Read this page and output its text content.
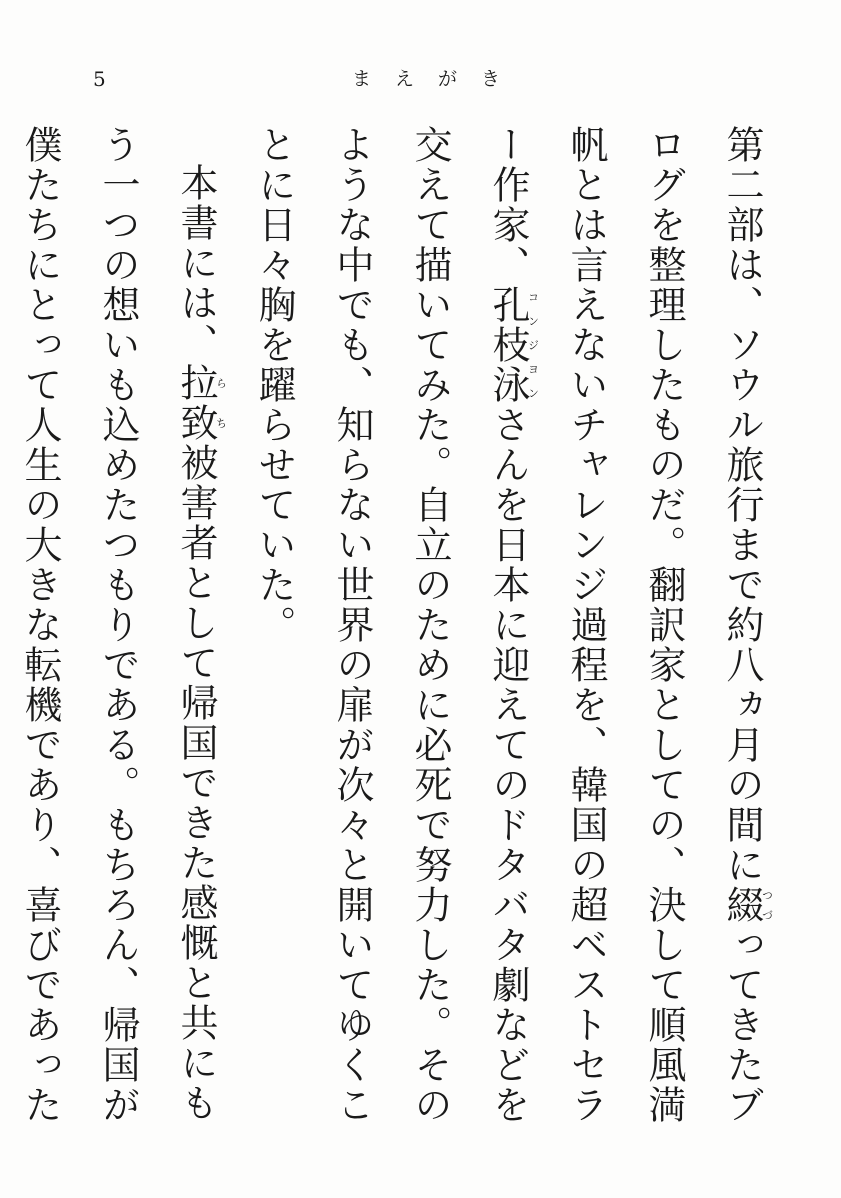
5	まえがき

第二部は、ソウル旅行まで約八ヵ月の間に綴つづってきたブログを整理したものだ。翻訳家としての、決して順風満帆とは言えないチャレンジ過程を、韓国の超ベストセラー作家、孔枝泳コンジヨンさんを日本に迎えてのドタバタ劇などを交えて描いてみた。自立のために必死で努力した。そのような中でも、知らない世界の扉が次々と開いてゆくことに日々胸を躍らせていた。

本書には、拉ら致ち被害者として帰国できた感慨と共にもう一つの想いも込めたつもりである。もちろん、帰国が僕たちにとって人生の大きな転機であり、喜びであった
